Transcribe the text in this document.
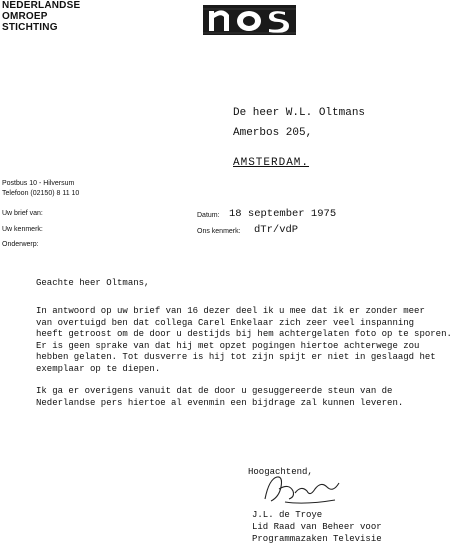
NEDERLANDSE
OMROEP
STICHTING
De heer W.L. Oltmans
Amerbos 205,
AMSTERDAM.
Postbus 10 - Hilversum
Telefoon (02150) 8 11 10
Uw brief van:
Uw kenmerk:
Onderwerp:
Datum: 18 september 1975
Ons kenmerk: dTr/vdP
Geachte heer Oltmans,
In antwoord op uw brief van 16 dezer deel ik u mee dat ik er zonder meer
van overtuigd ben dat collega Carel Enkelaar zich zeer veel inspanning
heeft getroost om de door u destijds bij hem achtergelaten foto op te sporen.
Er is geen sprake van dat hij met opzet pogingen hiertoe achterwege zou
hebben gelaten. Tot dusverre is hij tot zijn spijt er niet in geslaagd het
exemplaar op te diepen.
Ik ga er overigens vanuit dat de door u gesuggereerde steun van de
Nederlandse pers hiertoe al evenmin een bijdrage zal kunnen leveren.
Hoogachtend,
J.L. de Troye
Lid Raad van Beheer voor
Programmazaken Televisie
